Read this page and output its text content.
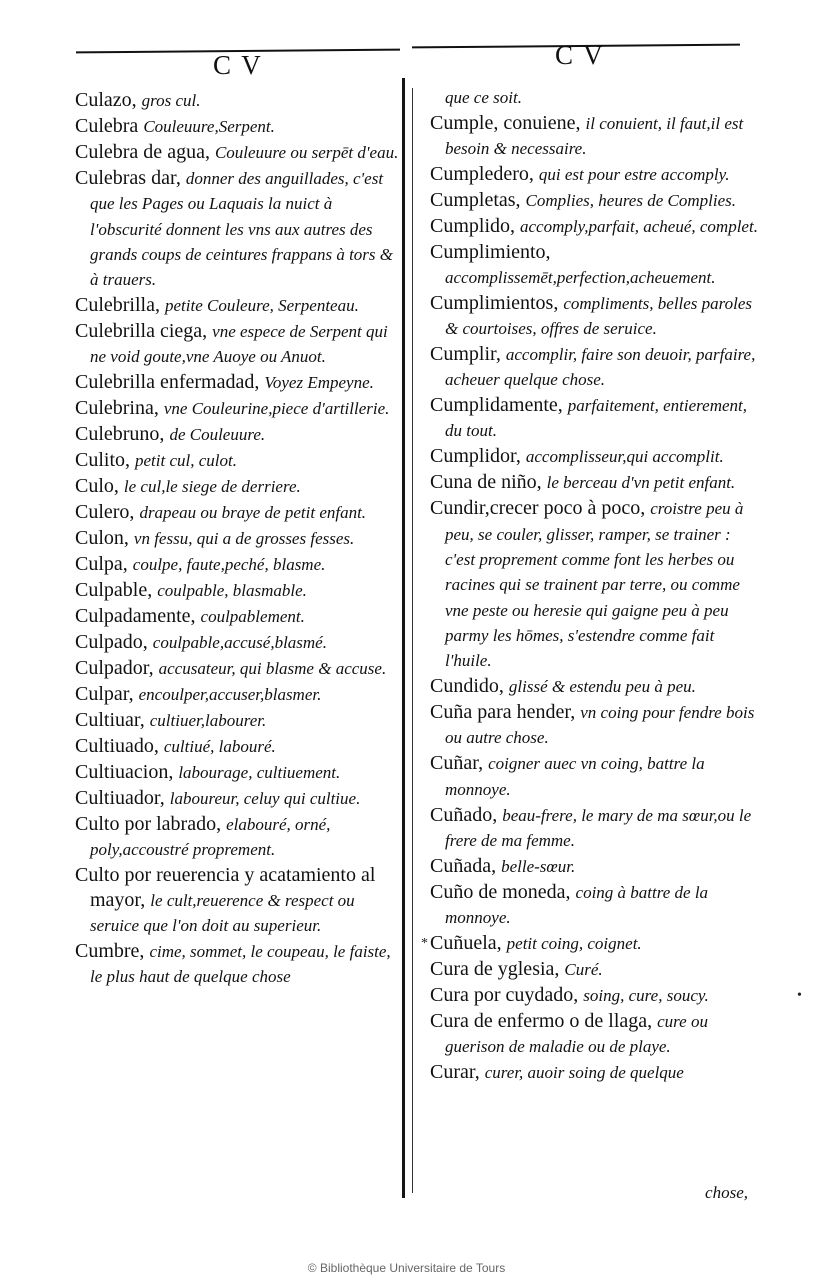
C V	C V
Culazo, gros cul.
Culebra Couleuure,Serpent.
Culebra de agua, Couleuure ou serpēt d'eau.
Culebras dar, donner des anguillades, c'est que les Pages ou Laquais la nuict à l'obscurité donnent les vns aux autres des grands coups de ceintures frappans à tors & à trauers.
Culebrilla, petite Couleure, Serpenteau.
Culebrilla ciega, vne espece de Serpent qui ne void goute,vne Auoye ou Anuot.
Culebrilla enfermadad, Voyez Empeyne.
Culebrina, vne Couleurine,piece d'artillerie.
Culebruno, de Couleuure.
Culito, petit cul, culot.
Culo, le cul,le siege de derriere.
Culero, drapeau ou braye de petit enfant.
Culon, vn fessu, qui a de grosses fesses.
Culpa, coulpe, faute,peché, blasme.
Culpable, coulpable, blasmable.
Culpadamente, coulpablement.
Culpado, coulpable,accusé,blasmé.
Culpador, accusateur, qui blasme & accuse.
Culpar, encoulper,accuser,blasmer.
Cultiuar, cultiuer,labourer.
Cultiuado, cultiué, labouré.
Cultiuacion, labourage, cultiuement.
Cultiuador, laboureur, celuy qui cultiue.
Culto por labrado, elabouré, orné, poly,accoustré proprement.
Culto por reuerencia y acatamiento al mayor, le cult,reuerence & respect ou seruice que l'on doit au superieur.
Cumbre, cime, sommet, le coupeau, le faiste, le plus haut de quelque chose
que ce soit.
Cumple, conuiene, il conuient, il faut,il est besoin & necessaire.
Cumpledero, qui est pour estre accomply.
Cumpletas, Complies, heures de Complies.
Cumplido, accomply,parfait, acheué, complet.
Cumplimiento, accomplissemēt,perfection,acheuement.
Cumplimientos, compliments, belles paroles & courtoises, offres de seruice.
Cumplir, accomplir, faire son deuoir, parfaire, acheuer quelque chose.
Cumplidamente, parfaitement, entierement, du tout.
Cumplidor, accomplisseur,qui accomplit.
Cuna de niño, le berceau d'vn petit enfant.
Cundir,crecer poco à poco, croistre peu à peu, se couler, glisser, ramper, se trainer : c'est proprement comme font les herbes ou racines qui se trainent par terre, ou comme vne peste ou heresie qui gaigne peu à peu parmy les hōmes, s'estendre comme fait l'huile.
Cundido, glissé & estendu peu à peu.
Cuña para hender, vn coing pour fendre bois ou autre chose.
Cuñar, coigner auec vn coing, battre la monnoye.
Cuñado, beau-frere, le mary de ma sœur,ou le frere de ma femme.
Cuñada, belle-sœur.
Cuño de moneda, coing à battre de la monnoye.
Cuñuela, petit coing, coignet.
Cura de yglesia, Curé.
Cura por cuydado, soing, cure, soucy.
Cura de enfermo o de llaga, cure ou guerison de maladie ou de playe.
Curar, curer, auoir soing de quelque
chose,
*
•
© Bibliothèque Universitaire de Tours
